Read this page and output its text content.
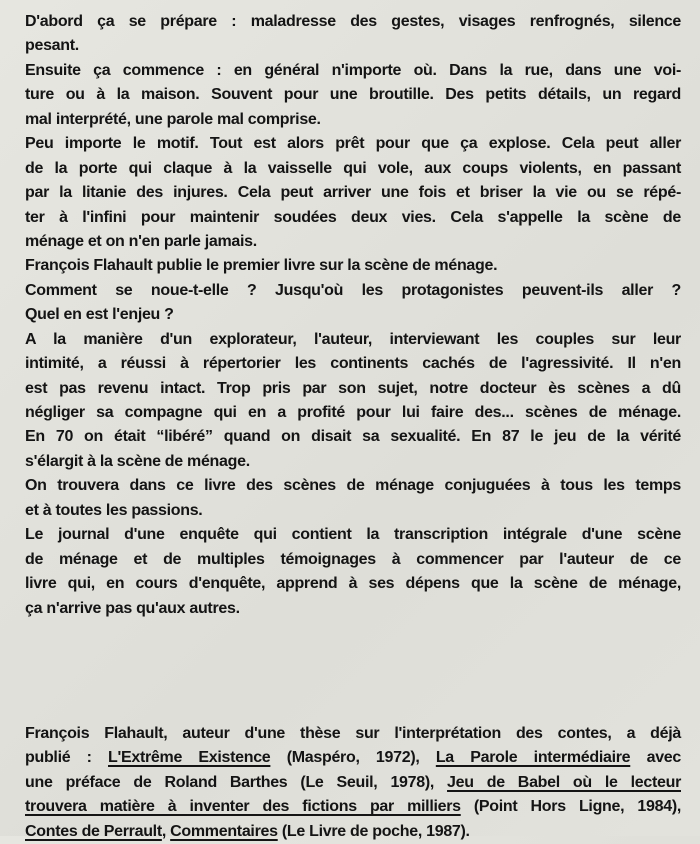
D'abord ça se prépare : maladresse des gestes, visages renfrognés, silence
pesant.
Ensuite ça commence : en général n'importe où. Dans la rue, dans une voi-
ture ou à la maison. Souvent pour une broutille. Des petits détails, un regard
mal interprété, une parole mal comprise.
Peu importe le motif. Tout est alors prêt pour que ça explose. Cela peut aller
de la porte qui claque à la vaisselle qui vole, aux coups violents, en passant
par la litanie des injures. Cela peut arriver une fois et briser la vie ou se répé-
ter à l'infini pour maintenir soudées deux vies. Cela s'appelle la scène de
ménage et on n'en parle jamais.
François Flahault publie le premier livre sur la scène de ménage.
Comment se noue-t-elle ? Jusqu'où les protagonistes peuvent-ils aller ?
Quel en est l'enjeu ?
A la manière d'un explorateur, l'auteur, interviewant les couples sur leur
intimité, a réussi à répertorier les continents cachés de l'agressivité. Il n'en
est pas revenu intact. Trop pris par son sujet, notre docteur ès scènes a dû
négliger sa compagne qui en a profité pour lui faire des... scènes de ménage.
En 70 on était “libéré” quand on disait sa sexualité. En 87 le jeu de la vérité
s'élargit à la scène de ménage.
On trouvera dans ce livre des scènes de ménage conjuguées à tous les temps
et à toutes les passions.
Le journal d'une enquête qui contient la transcription intégrale d'une scène
de ménage et de multiples témoignages à commencer par l'auteur de ce
livre qui, en cours d'enquête, apprend à ses dépens que la scène de ménage,
ça n'arrive pas qu'aux autres.
François Flahault, auteur d'une thèse sur l'interprétation des contes, a déjà
publié : L'Extrême Existence (Maspéro, 1972), La Parole intermédiaire avec
une préface de Roland Barthes (Le Seuil, 1978), Jeu de Babel où le lecteur
trouvera matière à inventer des fictions par milliers (Point Hors Ligne, 1984),
Contes de Perrault, Commentaires (Le Livre de poche, 1987).
